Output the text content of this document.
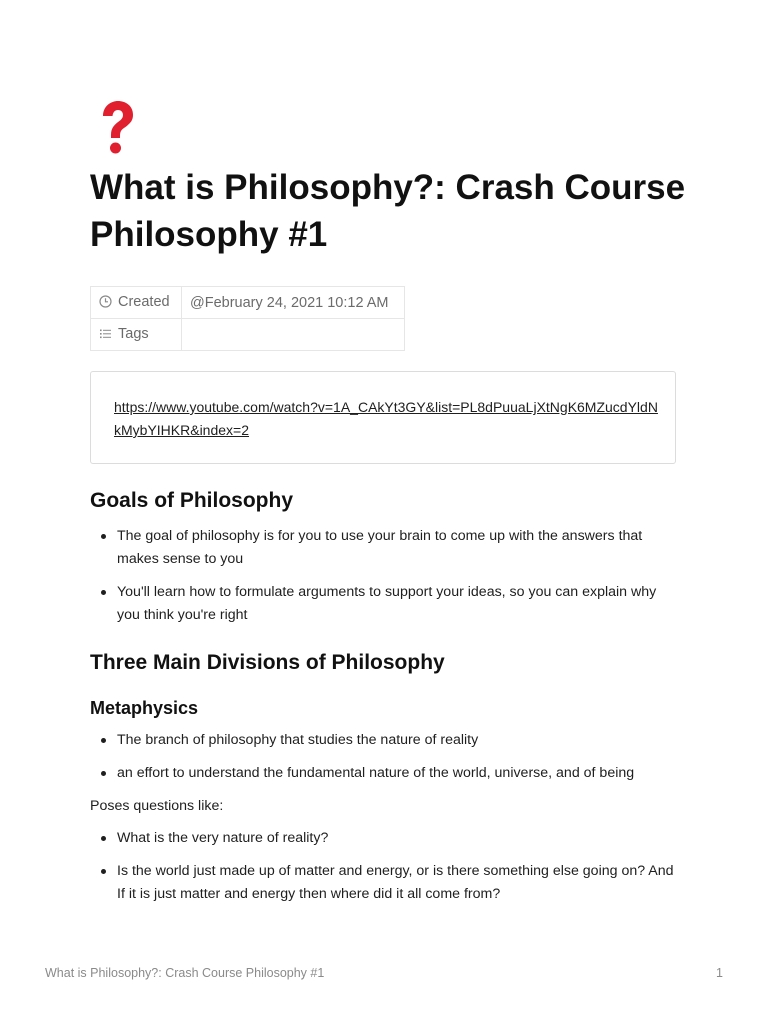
What is Philosophy?: Crash Course Philosophy #1
Created	@February 24, 2021 10:12 AM
Tags	
https://www.youtube.com/watch?v=1A_CAkYt3GY&list=PL8dPuuaLjXtNgK6MZucdYldNkMybYIHKR&index=2
Goals of Philosophy
The goal of philosophy is for you to use your brain to come up with the answers that makes sense to you
You'll learn how to formulate arguments to support your ideas, so you can explain why you think you're right
Three Main Divisions of Philosophy
Metaphysics
The branch of philosophy that studies the nature of reality
an effort to understand the fundamental nature of the world, universe, and of being

Poses questions like:

What is the very nature of reality?
Is the world just made up of matter and energy, or is there something else going on? And If it is just matter and energy then where did it all come from?
What is Philosophy?: Crash Course Philosophy #1	1
